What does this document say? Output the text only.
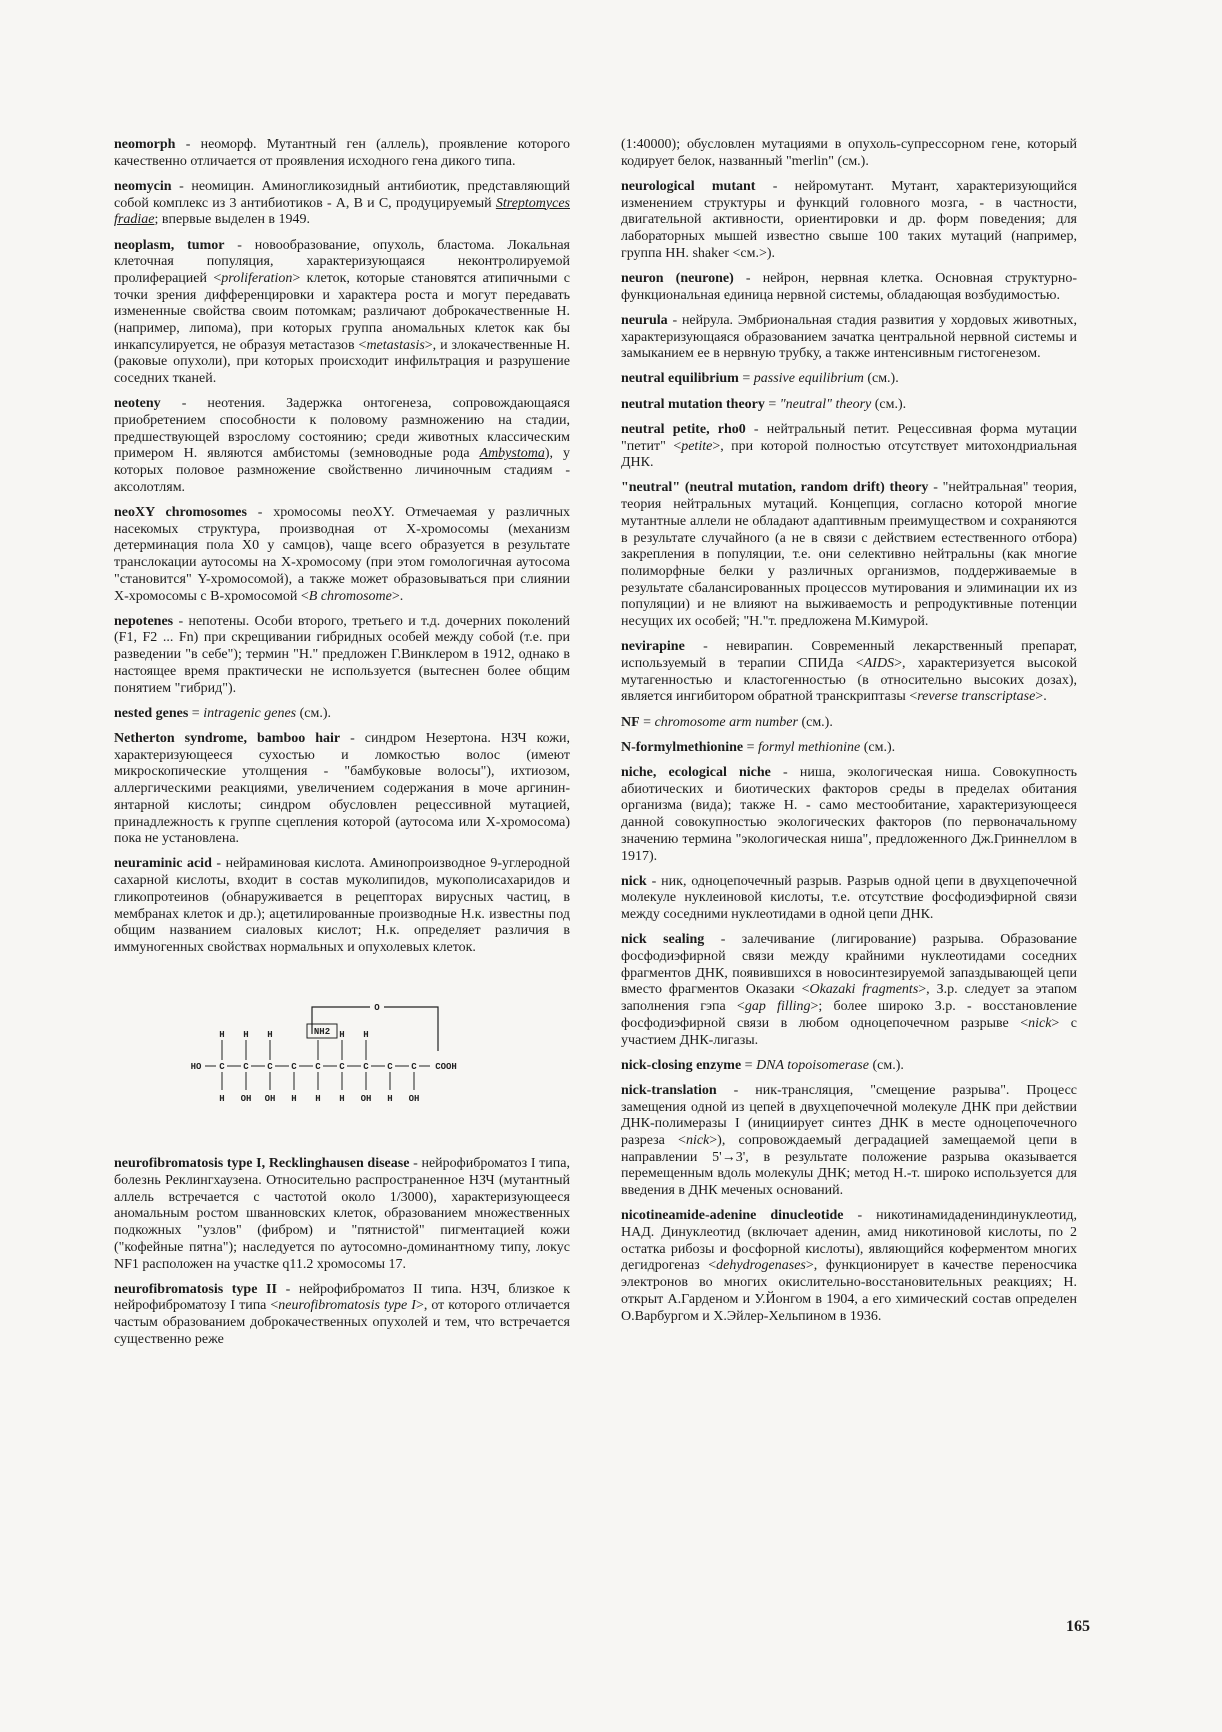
neomorph - неоморф. Мутантный ген (аллель), проявление которого качественно отличается от проявления исходного гена дикого типа.
neomycin - неомицин. Аминогликозидный антибиотик, представляющий собой комплекс из 3 антибиотиков - А, В и С, продуцируемый Streptomyces fradiae; впервые выделен в 1949.
neoplasm, tumor - новообразование, опухоль, бластома. Локальная клеточная популяция, характеризующаяся неконтролируемой пролиферацией <proliferation> клеток, которые становятся атипичными с точки зрения дифференцировки и характера роста и могут передавать измененные свойства своим потомкам; различают доброкачественные Н. (например, липома), при которых группа аномальных клеток как бы инкапсулируется, не образуя метастазов <metastasis>, и злокачественные Н. (раковые опухоли), при которых происходит инфильтрация и разрушение соседних тканей.
neoteny - неотения. Задержка онтогенеза, сопровождающаяся приобретением способности к половому размножению на стадии, предшествующей взрослому состоянию; среди животных классическим примером Н. являются амбистомы (земноводные рода Ambystoma), у которых половое размножение свойственно личиночным стадиям - аксолотлям.
neoXY chromosomes - хромосомы neoXY. Отмечаемая у различных насекомых структура, производная от Х-хромосомы (механизм детерминация пола Х0 у самцов), чаще всего образуется в результате транслокации аутосомы на Х-хромосому (при этом гомологичная аутосома "становится" Y-хромосомой), а также может образовываться при слиянии Х-хромосомы с В-хромосомой <B chromosome>.
nepotenes - непотены. Особи второго, третьего и т.д. дочерних поколений (F1, F2 ... Fn) при скрещивании гибридных особей между собой (т.е. при разведении "в себе"); термин "Н." предложен Г.Винклером в 1912, однако в настоящее время практически не используется (вытеснен более общим понятием "гибрид").
nested genes = intragenic genes (см.).
Netherton syndrome, bamboo hair - синдром Незертона. НЗЧ кожи, характеризующееся сухостью и ломкостью волос (имеют микроскопические утолщения - "бамбуковые волосы"), ихтиозом, аллергическими реакциями, увеличением содержания в моче аргинин-янтарной кислоты; синдром обусловлен рецессивной мутацией, принадлежность к группе сцепления которой (аутосома или Х-хромосома) пока не установлена.
neuraminic acid - нейраминовая кислота. Аминопроизводное 9-углеродной сахарной кислоты, входит в состав муколипидов, мукополисахаридов и гликопротеинов (обнаруживается в рецепторах вирусных частиц, в мембранах клеток и др.); ацетилированные производные Н.к. известны под общим названием сиаловых кислот; Н.к. определяет различия в иммуногенных свойствах нормальных и опухолевых клеток.
O
NH2
HO C
H
H
C
H
OH
C
H
OH
C
H
C
H
C
H
H
C
H
OH
C
H
C
OH
COOH
neurofibromatosis type I, Recklinghausen disease - нейрофиброматоз I типа, болезнь Реклингхаузена. Относительно распространенное НЗЧ (мутантный аллель встречается с частотой около 1/3000), характеризующееся аномальным ростом шванновских клеток, образованием множественных подкожных "узлов" (фибром) и "пятнистой" пигментацией кожи ("кофейные пятна"); наследуется по аутосомно-доминантному типу, локус NF1 расположен на участке q11.2 хромосомы 17.
neurofibromatosis type II - нейрофиброматоз II типа. НЗЧ, близкое к нейрофиброматозу I типа <neurofibromatosis type I>, от которого отличается частым образованием доброкачественных опухолей и тем, что встречается существенно реже
(1:40000); обусловлен мутациями в опухоль-супрессорном гене, который кодирует белок, названный "merlin" (см.).
neurological mutant - нейромутант. Мутант, характеризующийся изменением структуры и функций головного мозга, - в частности, двигательной активности, ориентировки и др. форм поведения; для лабораторных мышей известно свыше 100 таких мутаций (например, группа НН. shaker <см.>).
neuron (neurone) - нейрон, нервная клетка. Основная структурно-функциональная единица нервной системы, обладающая возбудимостью.
neurula - нейрула. Эмбриональная стадия развития у хордовых животных, характеризующаяся образованием зачатка центральной нервной системы и замыканием ее в нервную трубку, а также интенсивным гистогенезом.
neutral equilibrium = passive equilibrium (см.).
neutral mutation theory = "neutral" theory (см.).
neutral petite, rho0 - нейтральный петит. Рецессивная форма мутации "петит" <petite>, при которой полностью отсутствует митохондриальная ДНК.
"neutral" (neutral mutation, random drift) theory - "нейтральная" теория, теория нейтральных мутаций. Концепция, согласно которой многие мутантные аллели не обладают адаптивным преимуществом и сохраняются в результате случайного (а не в связи с действием естественного отбора) закрепления в популяции, т.е. они селективно нейтральны (как многие полиморфные белки у различных организмов, поддерживаемые в результате сбалансированных процессов мутирования и элиминации их из популяции) и не влияют на выживаемость и репродуктивные потенции несущих их особей; "Н."т. предложена М.Кимурой.
nevirapine - невирапин. Современный лекарственный препарат, используемый в терапии СПИДа <AIDS>, характеризуется высокой мутагенностью и кластогенностью (в относительно высоких дозах), является ингибитором обратной транскриптазы <reverse transcriptase>.
NF = chromosome arm number (см.).
N-formylmethionine = formyl methionine (см.).
niche, ecological niche - ниша, экологическая ниша. Совокупность абиотических и биотических факторов среды в пределах обитания организма (вида); также Н. - само местообитание, характеризующееся данной совокупностью экологических факторов (по первоначальному значению термина "экологическая ниша", предложенного Дж.Гриннеллом в 1917).
nick - ник, одноцепочечный разрыв. Разрыв одной цепи в двухцепочечной молекуле нуклеиновой кислоты, т.е. отсутствие фосфодиэфирной связи между соседними нуклеотидами в одной цепи ДНК.
nick sealing - залечивание (лигирование) разрыва. Образование фосфодиэфирной связи между крайними нуклеотидами соседних фрагментов ДНК, появившихся в новосинтезируемой запаздывающей цепи вместо фрагментов Оказаки <Okazaki fragments>, З.р. следует за этапом заполнения гэпа <gap filling>; более широко З.р. - восстановление фосфодиэфирной связи в любом одноцепочечном разрыве <nick> с участием ДНК-лигазы.
nick-closing enzyme = DNA topoisomerase (см.).
nick-translation - ник-трансляция, "смещение разрыва". Процесс замещения одной из цепей в двухцепочечной молекуле ДНК при действии ДНК-полимеразы I (инициирует синтез ДНК в месте одноцепочечного разреза <nick>), сопровождаемый деградацией замещаемой цепи в направлении 5'→3', в результате положение разрыва оказывается перемещенным вдоль молекулы ДНК; метод Н.-т. широко используется для введения в ДНК меченых оснований.
nicotineamide-adenine dinucleotide - никотинамидадениндинуклеотид, НАД. Динуклеотид (включает аденин, амид никотиновой кислоты, по 2 остатка рибозы и фосфорной кислоты), являющийся коферментом многих дегидрогеназ <dehydrogenases>, функционирует в качестве переносчика электронов во многих окислительно-восстановительных реакциях; Н. открыт А.Гарденом и У.Йонгом в 1904, а его химический состав определен О.Варбургом и Х.Эйлер-Хельпином в 1936.
165
